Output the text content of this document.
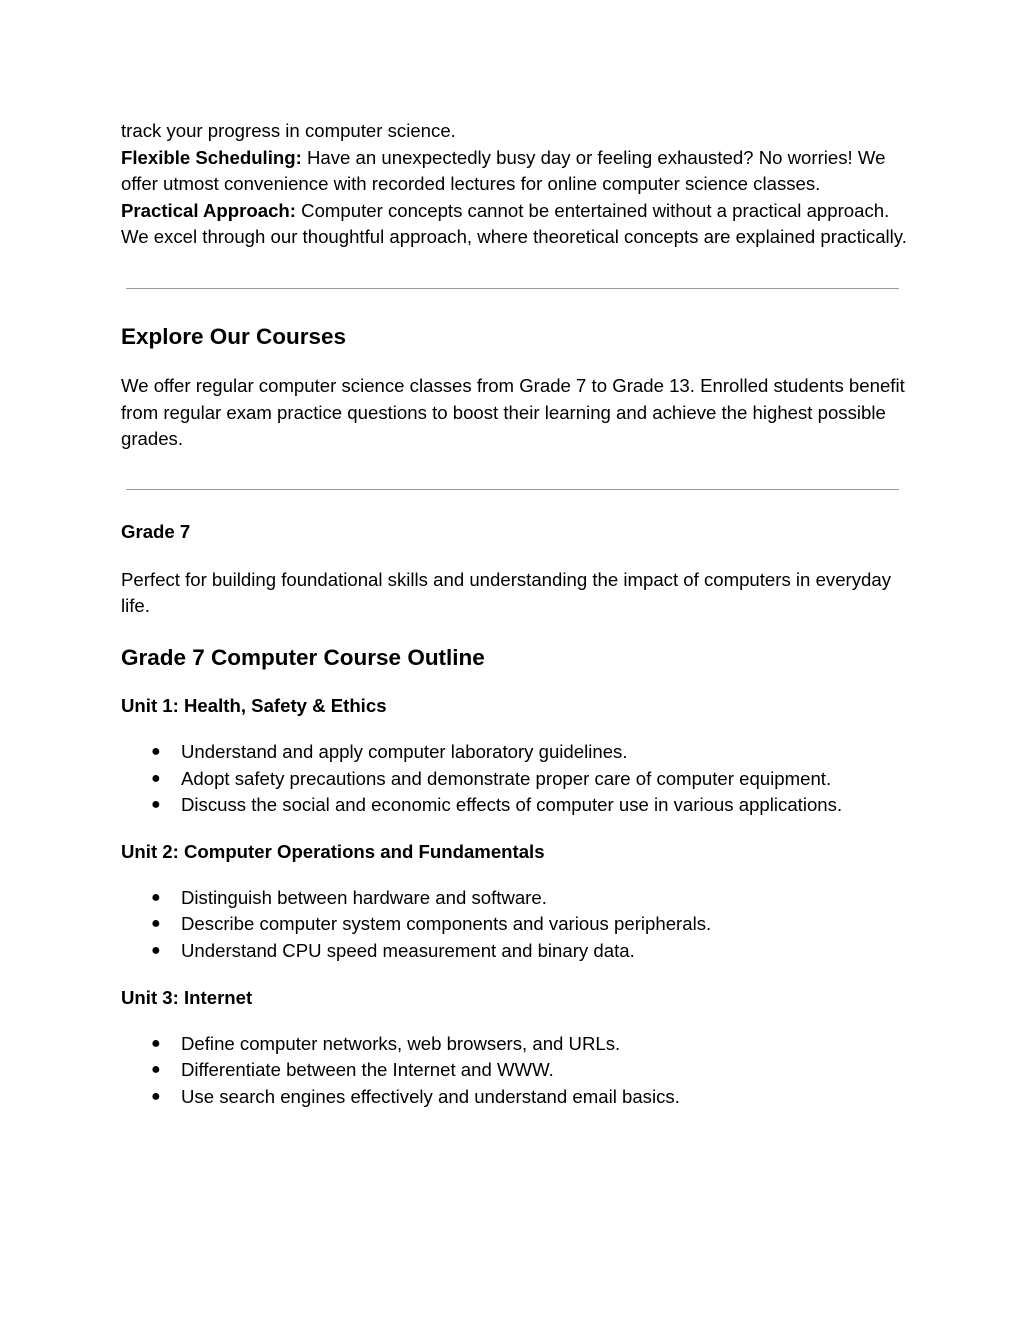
track your progress in computer science.

Flexible Scheduling: Have an unexpectedly busy day or feeling exhausted? No worries! We offer utmost convenience with recorded lectures for online computer science classes.

Practical Approach: Computer concepts cannot be entertained without a practical approach. We excel through our thoughtful approach, where theoretical concepts are explained practically.

Explore Our Courses

We offer regular computer science classes from Grade 7 to Grade 13. Enrolled students benefit from regular exam practice questions to boost their learning and achieve the highest possible grades.

Grade 7

Perfect for building foundational skills and understanding the impact of computers in everyday life.

Grade 7 Computer Course Outline
Unit 1: Health, Safety & Ethics
● Understand and apply computer laboratory guidelines.
● Adopt safety precautions and demonstrate proper care of computer equipment.
● Discuss the social and economic effects of computer use in various applications.
Unit 2: Computer Operations and Fundamentals
● Distinguish between hardware and software.
● Describe computer system components and various peripherals.
● Understand CPU speed measurement and binary data.
Unit 3: Internet
● Define computer networks, web browsers, and URLs.
● Differentiate between the Internet and WWW.
● Use search engines effectively and understand email basics.
